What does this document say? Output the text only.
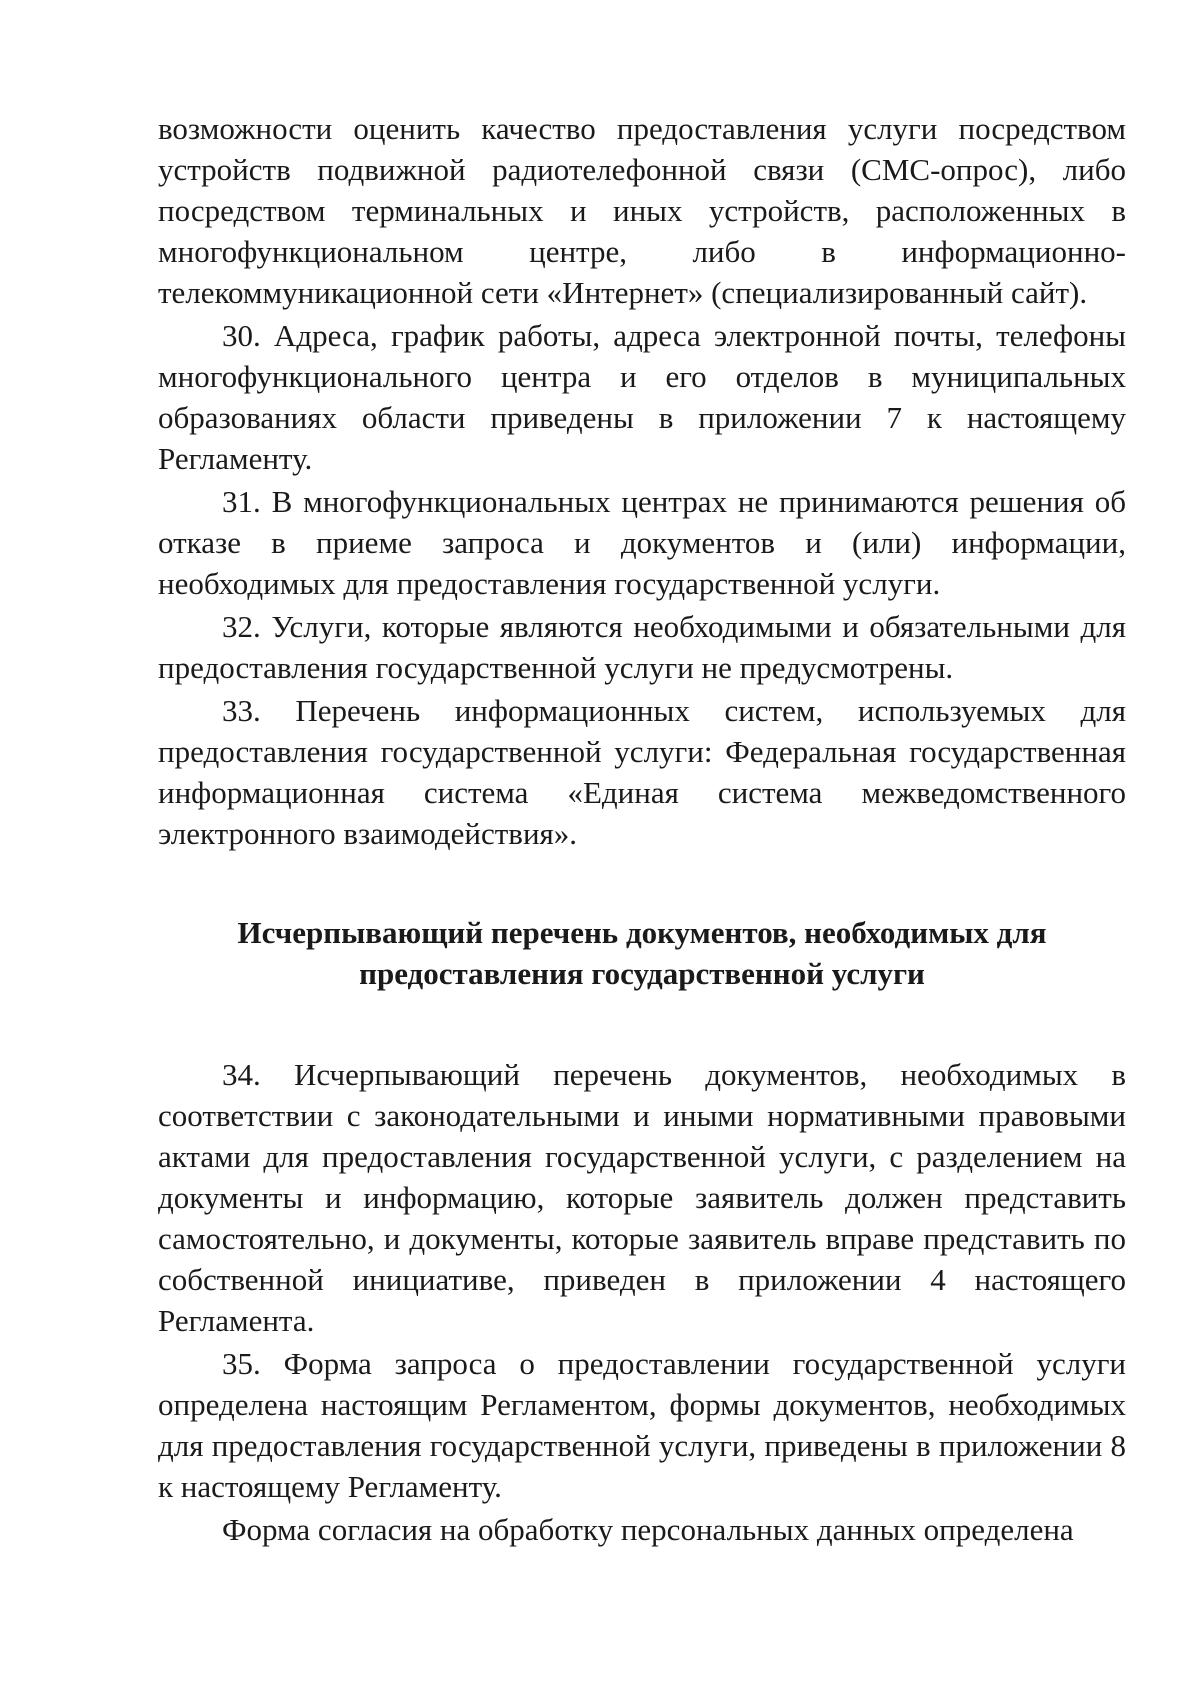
возможности оценить качество предоставления услуги посредством устройств подвижной радиотелефонной связи (СМС-опрос), либо посредством терминальных и иных устройств, расположенных в многофункциональном центре, либо в информационно-телекоммуникационной сети «Интернет» (специализированный сайт).

30. Адреса, график работы, адреса электронной почты, телефоны многофункционального центра и его отделов в муниципальных образованиях области приведены в приложении 7 к настоящему Регламенту.

31. В многофункциональных центрах не принимаются решения об отказе в приеме запроса и документов и (или) информации, необходимых для предоставления государственной услуги.

32. Услуги, которые являются необходимыми и обязательными для предоставления государственной услуги не предусмотрены.

33. Перечень информационных систем, используемых для предоставления государственной услуги: Федеральная государственная информационная система «Единая система межведомственного электронного взаимодействия».

Исчерпывающий перечень документов, необходимых для
предоставления государственной услуги

34. Исчерпывающий перечень документов, необходимых в соответствии с законодательными и иными нормативными правовыми актами для предоставления государственной услуги, с разделением на документы и информацию, которые заявитель должен представить самостоятельно, и документы, которые заявитель вправе представить по собственной инициативе, приведен в приложении 4 настоящего Регламента.

35. Форма запроса о предоставлении государственной услуги определена настоящим Регламентом, формы документов, необходимых для предоставления государственной услуги, приведены в приложении 8 к настоящему Регламенту.

Форма согласия на обработку персональных данных определена
